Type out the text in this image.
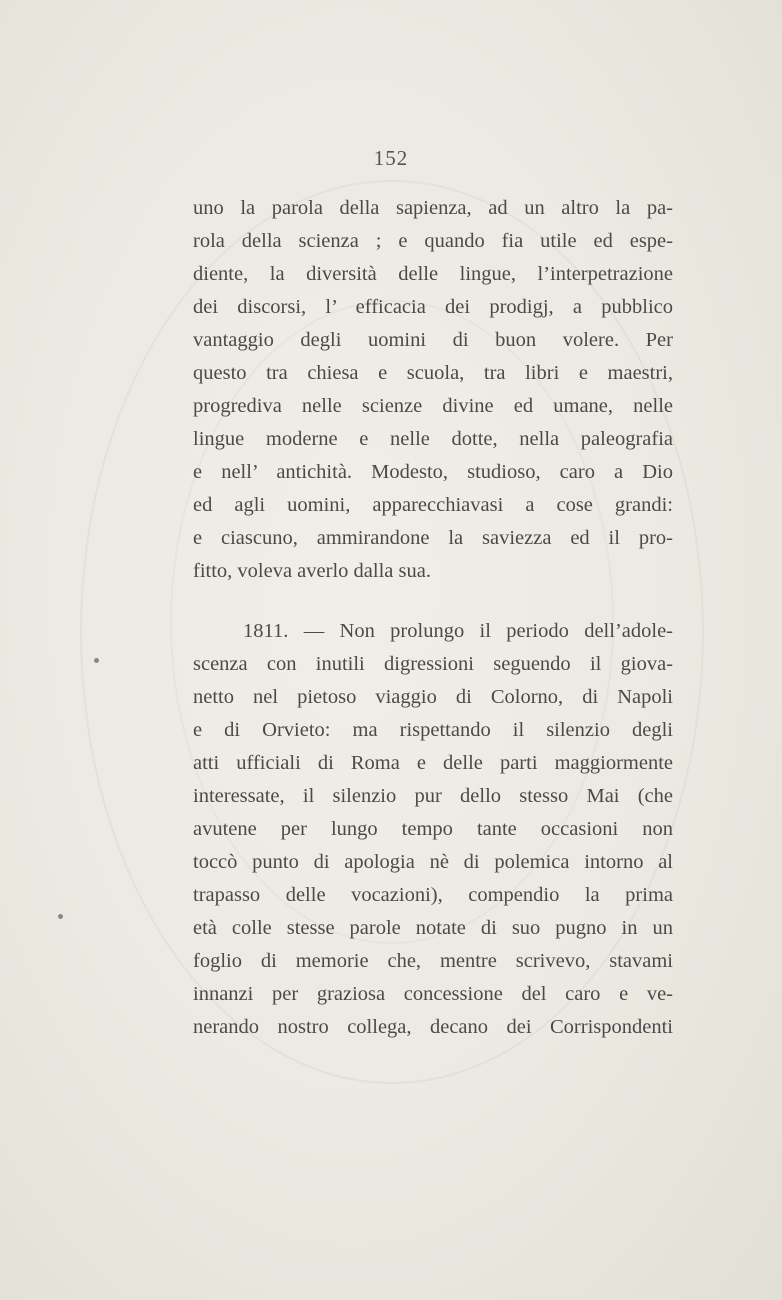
152
uno la parola della sapienza, ad un altro la pa-
rola della scienza ; e quando fia utile ed espe-
diente, la diversità delle lingue, l’interpetrazione
dei discorsi, l’ efficacia dei prodigj, a pubblico
vantaggio degli uomini di buon volere. Per
questo tra chiesa e scuola, tra libri e maestri,
progrediva nelle scienze divine ed umane, nelle
lingue moderne e nelle dotte, nella paleografia
e nell’ antichità. Modesto, studioso, caro a Dio
ed agli uomini, apparecchiavasi a cose grandi:
e ciascuno, ammirandone la saviezza ed il pro-
fitto, voleva averlo dalla sua.
1811. — Non prolungo il periodo dell’adole-
scenza con inutili digressioni seguendo il giova-
netto nel pietoso viaggio di Colorno, di Napoli
e di Orvieto: ma rispettando il silenzio degli
atti ufficiali di Roma e delle parti maggiormente
interessate, il silenzio pur dello stesso Mai (che
avutene per lungo tempo tante occasioni non
toccò punto di apologia nè di polemica intorno al
trapasso delle vocazioni), compendio la prima
età colle stesse parole notate di suo pugno in un
foglio di memorie che, mentre scrivevo, stavami
innanzi per graziosa concessione del caro e ve-
nerando nostro collega, decano dei Corrispondenti
